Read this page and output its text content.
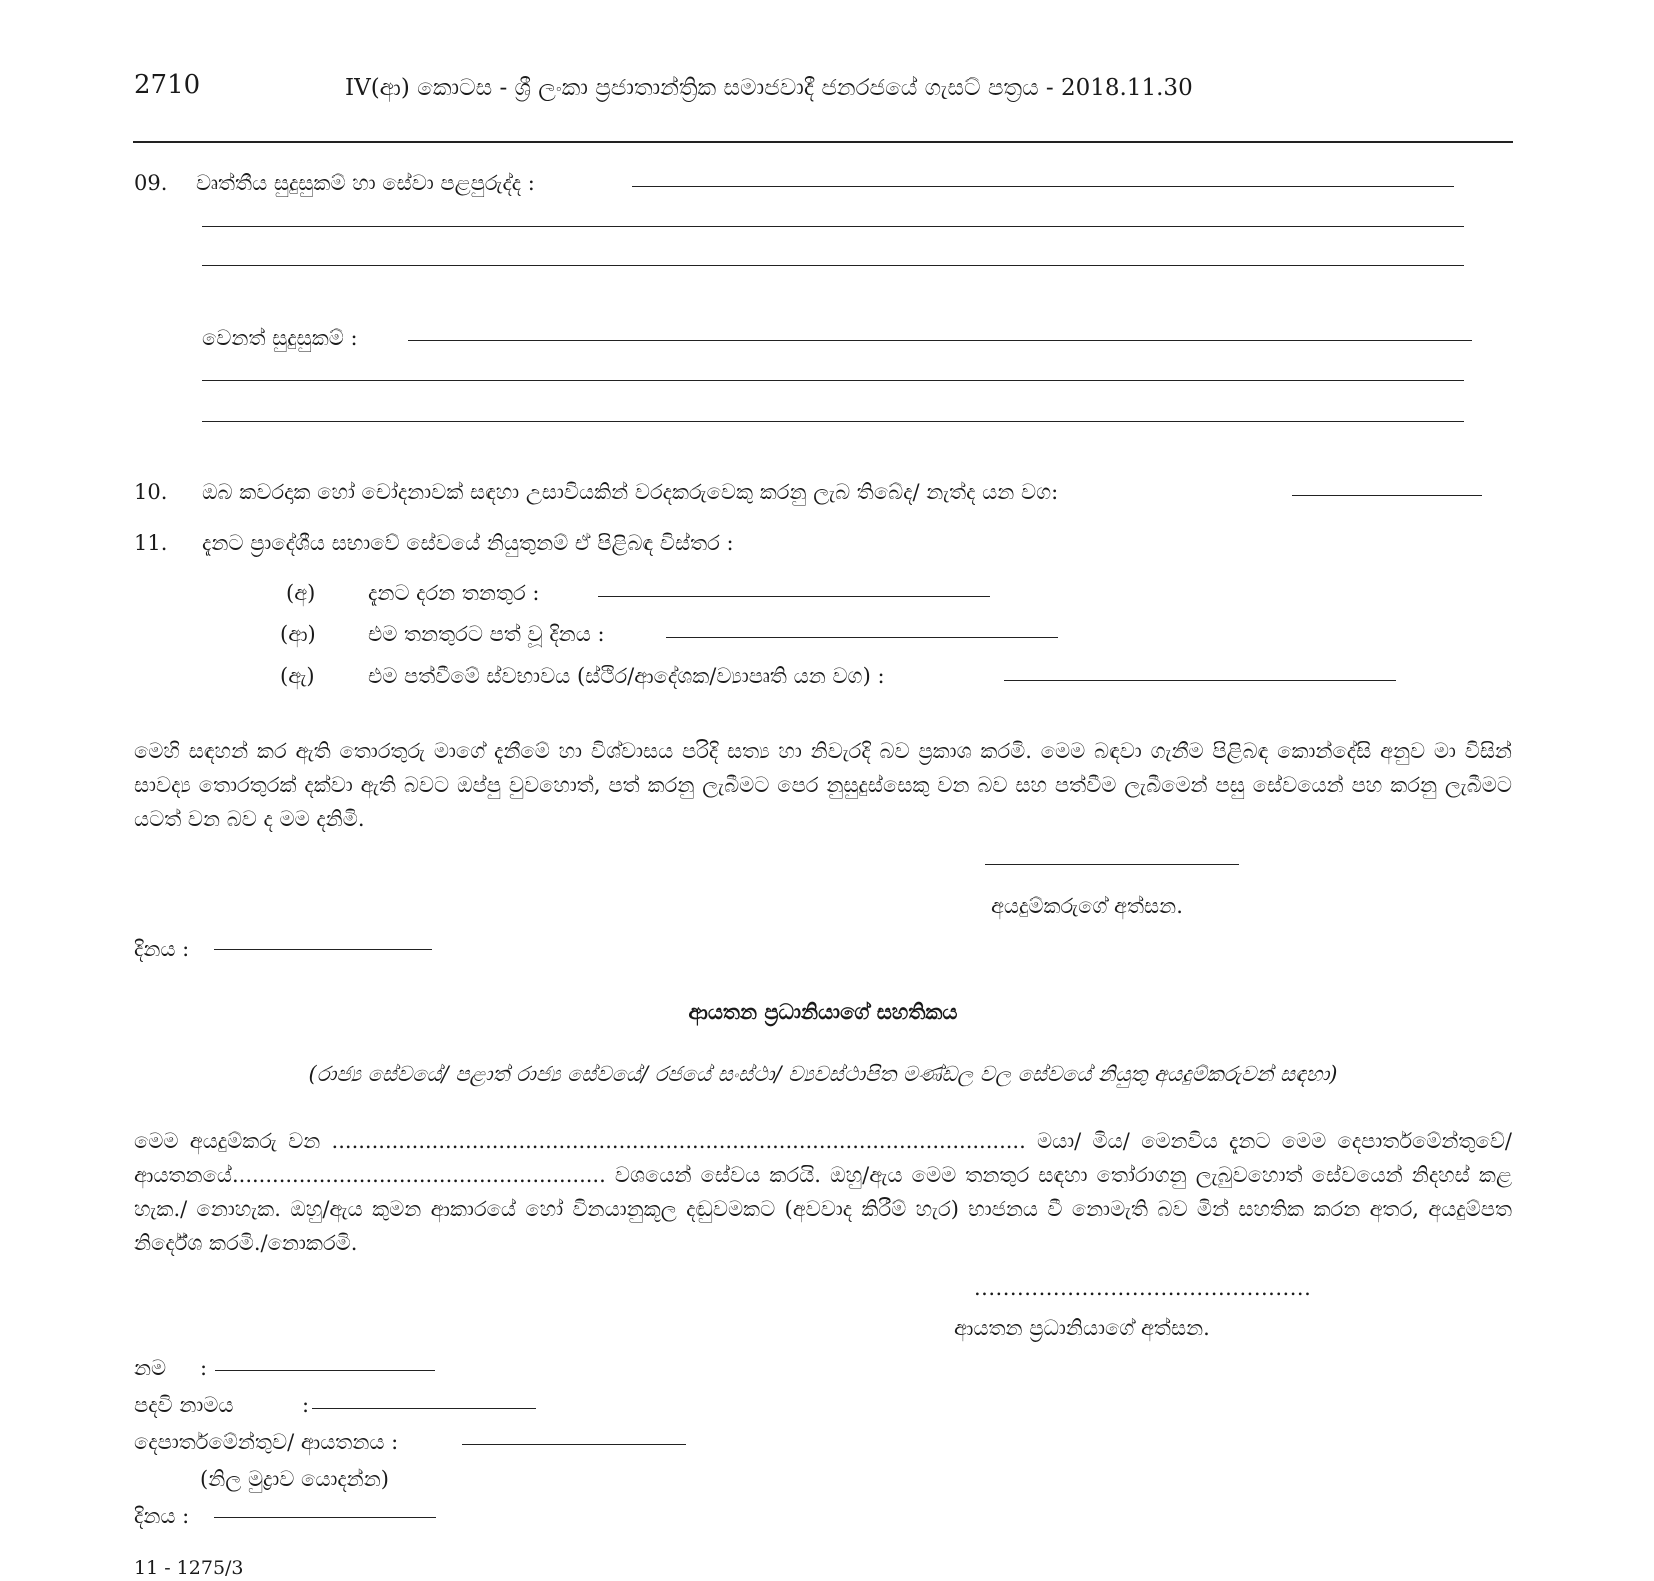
2710	IV(ආ) කොටස - ශ්‍රී ලංකා ප්‍රජාතාන්ත්‍රික සමාජවාදී ජනරජයේ ගැසට් පත්‍රය - 2018.11.30
09. වෘත්තීය සුදුසුකම් හා සේවා පළපුරුද්ද :
වෙනත් සුදුසුකම් :
10. ඔබ කවරදාක හෝ චෝදනාවක් සඳහා උසාවියකින් වරදකරුවෙකු කරනු ලැබ තිබේද/ නැත්ද යන වග:
11. දැනට ප්‍රාදේශීය සභාවේ සේවයේ නියුතුනම් ඒ පිළිබඳ විස්තර :
(අ)	දැනට දරන තනතුර :
(ආ) එම තනතුරට පත් වූ දිනය :
(ඇ)	එම පත්වීමේ ස්වභාවය (ස්ථිර/ආදේශක/ව්‍යාපෘති යන වග) :
මෙහි සඳහන් කර ඇති තොරතුරු මාගේ දැනීමේ හා විශ්වාසය පරිදි සත්‍ය හා නිවැරදි බව ප්‍රකාශ කරමි. මෙම බඳවා ගැනීම පිළිබඳ කොන්දේසි අනුව මා විසින් සාවද්‍ය තොරතුරක් දක්වා ඇති බවට ඔප්පු වුවහොත්, පත් කරනු ලැබීමට පෙර නුසුදුස්සෙකු වන බව සහ පත්වීම ලැබීමෙන් පසු සේවයෙන් පහ කරනු ලැබීමට යටත් වන බව ද මම දනිමි.
අයදුම්කරුගේ අත්සන.
දිනය :
ආයතන ප්‍රධානියාගේ සහතිකය
(රාජ්‍ය සේවයේ/ පළාත් රාජ්‍ය සේවයේ/ රජයේ සංස්ථා/ ව්‍යවස්ථාපිත මණ්ඩල වල සේවයේ නියුතු අයදුම්කරුවන් සඳහා)
මෙම අයදුම්කරු වන ........................................................................................................ මයා/ මිය/ මෙනවිය දැනට මෙම දෙපාර්තමේන්තුවේ/ආයතනයේ........................................................ වශයෙන් සේවය කරයි. ඔහු/ඇය මෙම තනතුර සඳහා තෝරාගනු ලැබුවහොත් සේවයෙන් නිදහස් කළ හැක./ නොහැක. ඔහු/ඇය කුමන ආකාරයේ හෝ විනයානුකූල දඬුවමකට (අවවාද කිරීම් හැර) භාජනය වී නොමැති බව මින් සහතික කරන අතර, අයදුම්පත නිර්දේශ කරමි./නොකරමි.
...............................................
ආයතන ප්‍රධානියාගේ අත්සන.
නම :
පදවි නාමය	:
දෙපාර්තමේන්තුව/ ආයතනය :
(නිල මුද්‍රාව යොදන්න)
දිනය :
11 - 1275/3
